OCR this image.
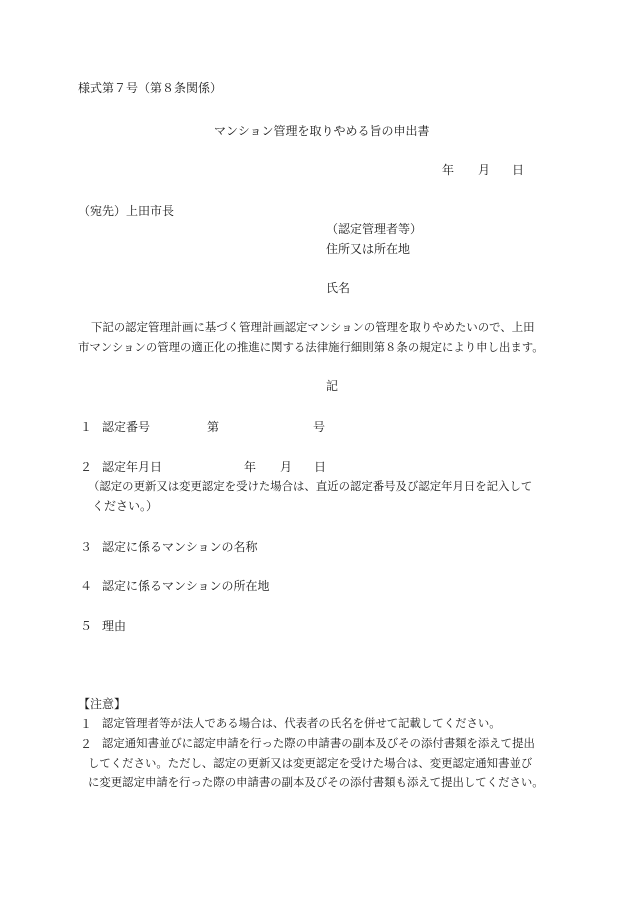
様式第７号（第８条関係）
マンション管理を取りやめる旨の申出書
年 月 日
（宛先）上田市長
（認定管理者等）
住所又は所在地
氏名
下記の認定管理計画に基づく管理計画認定マンションの管理を取りやめたいので、上田
市マンションの管理の適正化の推進に関する法律施行細則第８条の規定により申し出ます。
記
１ 認定番号	第	号
２ 認定年月日	年 月 日
（認定の更新又は変更認定を受けた場合は、直近の認定番号及び認定年月日を記入して
ください。）
３ 認定に係るマンションの名称
４ 認定に係るマンションの所在地
５ 理由
【注意】
１ 認定管理者等が法人である場合は、代表者の氏名を併せて記載してください。
２ 認定通知書並びに認定申請を行った際の申請書の副本及びその添付書類を添えて提出
してください。ただし、認定の更新又は変更認定を受けた場合は、変更認定通知書並び
に変更認定申請を行った際の申請書の副本及びその添付書類も添えて提出してください。
